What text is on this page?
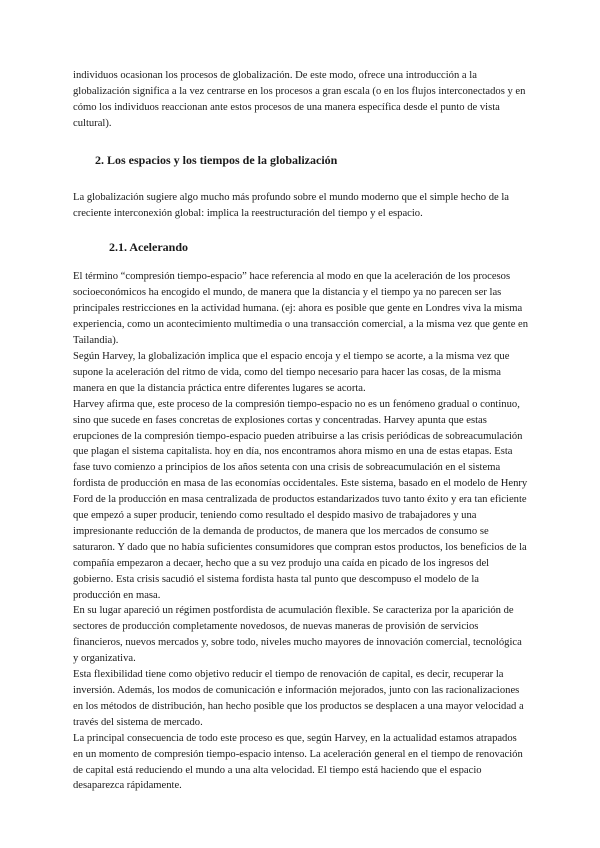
individuos ocasionan los procesos de globalización. De este modo, ofrece una introducción a la globalización significa a la vez centrarse en los procesos a gran escala (o en los flujos interconectados y en cómo los individuos reaccionan ante estos procesos de una manera específica desde el punto de vista cultural).

2. Los espacios y los tiempos de la globalización

La globalización sugiere algo mucho más profundo sobre el mundo moderno que el simple hecho de la creciente interconexión global: implica la reestructuración del tiempo y el espacio.

2.1. Acelerando

El término “compresión tiempo-espacio” hace referencia al modo en que la aceleración de los procesos socioeconómicos ha encogido el mundo, de manera que la distancia y el tiempo ya no parecen ser las principales restricciones en la actividad humana. (ej: ahora es posible que gente en Londres viva la misma experiencia, como un acontecimiento multimedia o una transacción comercial, a la misma vez que gente en Tailandia).

Según Harvey, la globalización implica que el espacio encoja y el tiempo se acorte, a la misma vez que supone la aceleración del ritmo de vida, como del tiempo necesario para hacer las cosas, de la misma manera en que la distancia práctica entre diferentes lugares se acorta.

Harvey afirma que, este proceso de la compresión tiempo-espacio no es un fenómeno gradual o continuo, sino que sucede en fases concretas de explosiones cortas y concentradas. Harvey apunta que estas erupciones de la compresión tiempo-espacio pueden atribuirse a las crisis periódicas de sobreacumulación que plagan el sistema capitalista. hoy en día, nos encontramos ahora mismo en una de estas etapas. Esta fase tuvo comienzo a principios de los años setenta con una crisis de sobreacumulación en el sistema fordista de producción en masa de las economías occidentales. Este sistema, basado en el modelo de Henry Ford de la producción en masa centralizada de productos estandarizados tuvo tanto éxito y era tan eficiente que empezó a super producir, teniendo como resultado el despido masivo de trabajadores y una impresionante reducción de la demanda de productos, de manera que los mercados de consumo se saturaron. Y dado que no había suficientes consumidores que compran estos productos, los beneficios de la compañía empezaron a decaer, hecho que a su vez produjo una caída en picado de los ingresos del gobierno. Esta crisis sacudió el sistema fordista hasta tal punto que descompuso el modelo de la producción en masa.

En su lugar apareció un régimen postfordista de acumulación flexible. Se caracteriza por la aparición de sectores de producción completamente novedosos, de nuevas maneras de provisión de servicios financieros, nuevos mercados y, sobre todo, niveles mucho mayores de innovación comercial, tecnológica y organizativa.

Esta flexibilidad tiene como objetivo reducir el tiempo de renovación de capital, es decir, recuperar la inversión. Además, los modos de comunicación e información mejorados, junto con las racionalizaciones en los métodos de distribución, han hecho posible que los productos se desplacen a una mayor velocidad a través del sistema de mercado.

La principal consecuencia de todo este proceso es que, según Harvey, en la actualidad estamos atrapados en un momento de compresión tiempo-espacio intenso. La aceleración general en el tiempo de renovación de capital está reduciendo el mundo a una alta velocidad. El tiempo está haciendo que el espacio desaparezca rápidamente.
